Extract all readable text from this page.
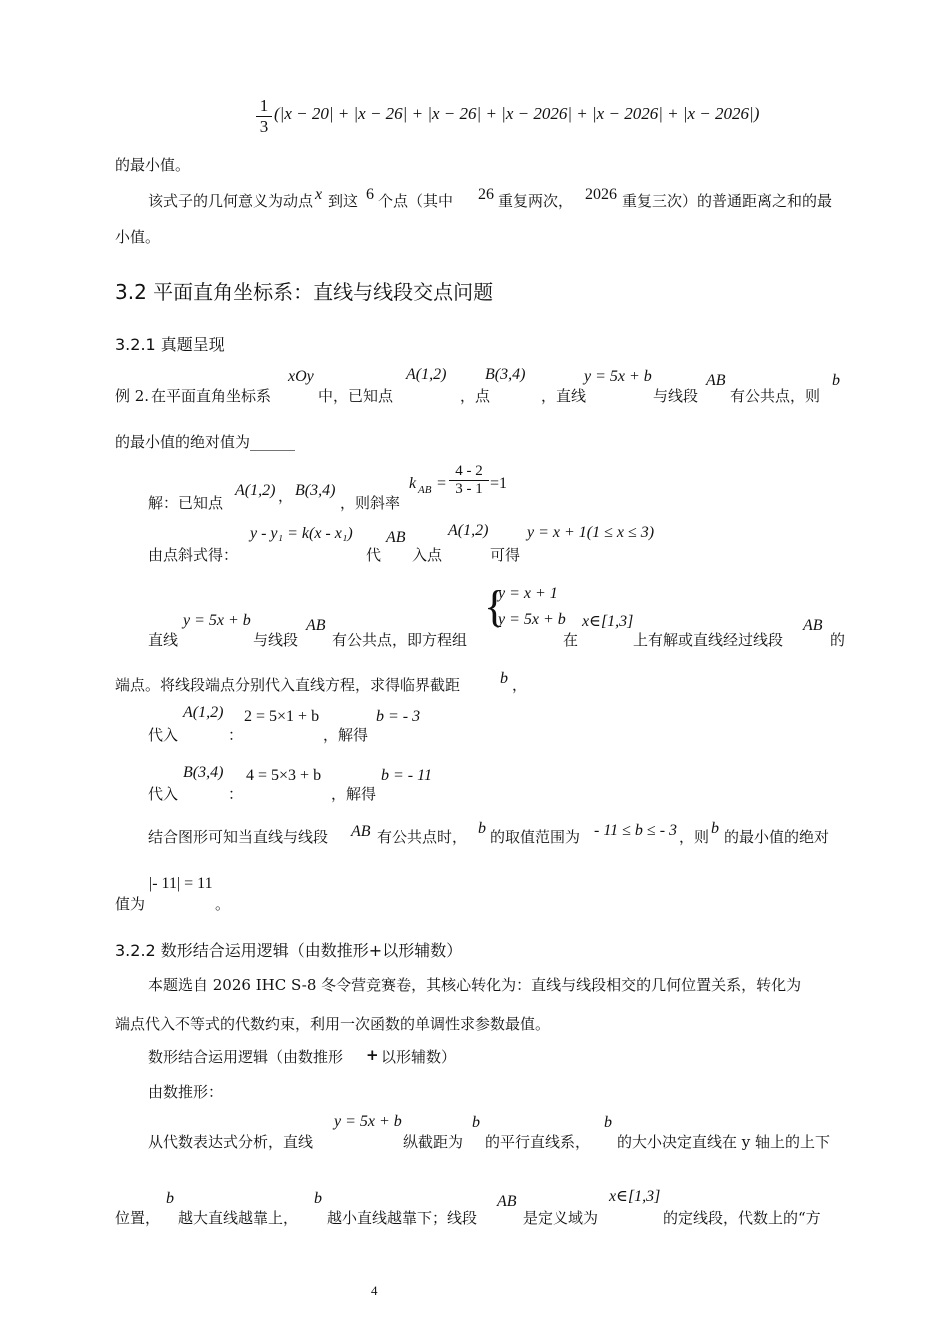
$\frac{1}{3} (|x - 20| + |x - 26| + |x - 26| + |x - 2026| + |x - 2026| + |x - 2026|)$
的最小值。
该式子的几何意义为动点 x 到这 6 个点（其中 26 重复两次， 2026 重复三次）的普通距离之和的最
小值。
3.2 平面直角坐标系：直线与线段交点问题
3.2.1 真题呈现
例 2. 在平面直角坐标系
xOy
中，已知点
A(1,2)
，点
B(3,4)
，直线
y = 5x + b
与线段
AB
有公共点，则
b
的最小值的绝对值为______
解：已知点
A(1,2) ， B(3,4)
，则斜率
k AB = $\frac{4 - 2}{3 - 1} =1$
由点斜式得：
y - y₁ = k(x - x₁)
代
AB
入点
A(1,2)
可得
y = x + 1(1 ≤ x ≤ 3)
直线
y = 5x + b
与线段
AB
有公共点，即方程组
{
y = x + 1
y = 5x + b
在
x∈[1,3]
上有解或直线经过线段
AB
的
端点。将线段端点分别代入直线方程，求得临界截距 b ，
代入
A(1,2)
：
2 = 5×1 + b
，解得
b = - 3
代入
B(3,4)
：
4 = 5×3 + b
，解得
b = - 11
结合图形可知当直线与线段 AB 有公共点时， b 的取值范围为 - 11 ≤ b ≤ - 3 ，则 b 的最小值的绝对
值为
|- 11| = 11
。
3.2.2 数形结合运用逻辑（由数推形+以形辅数）
本题选自 2026 IHC S-8 冬令营竞赛卷，其核心转化为：直线与线段相交的几何位置关系，转化为
端点代入不等式的代数约束，利用一次函数的单调性求参数最值。
数形结合运用逻辑（由数推形 + 以形辅数）
由数推形：
从代数表达式分析，直线
y = 5x + b
纵截距为
b
的平行直线系，
b
的大小决定直线在 y 轴上的上下
位置，
b
越大直线越靠上，
b
越小直线越靠下；线段
AB
是定义域为
x∈[1,3]
的定线段，代数上的“方
4
